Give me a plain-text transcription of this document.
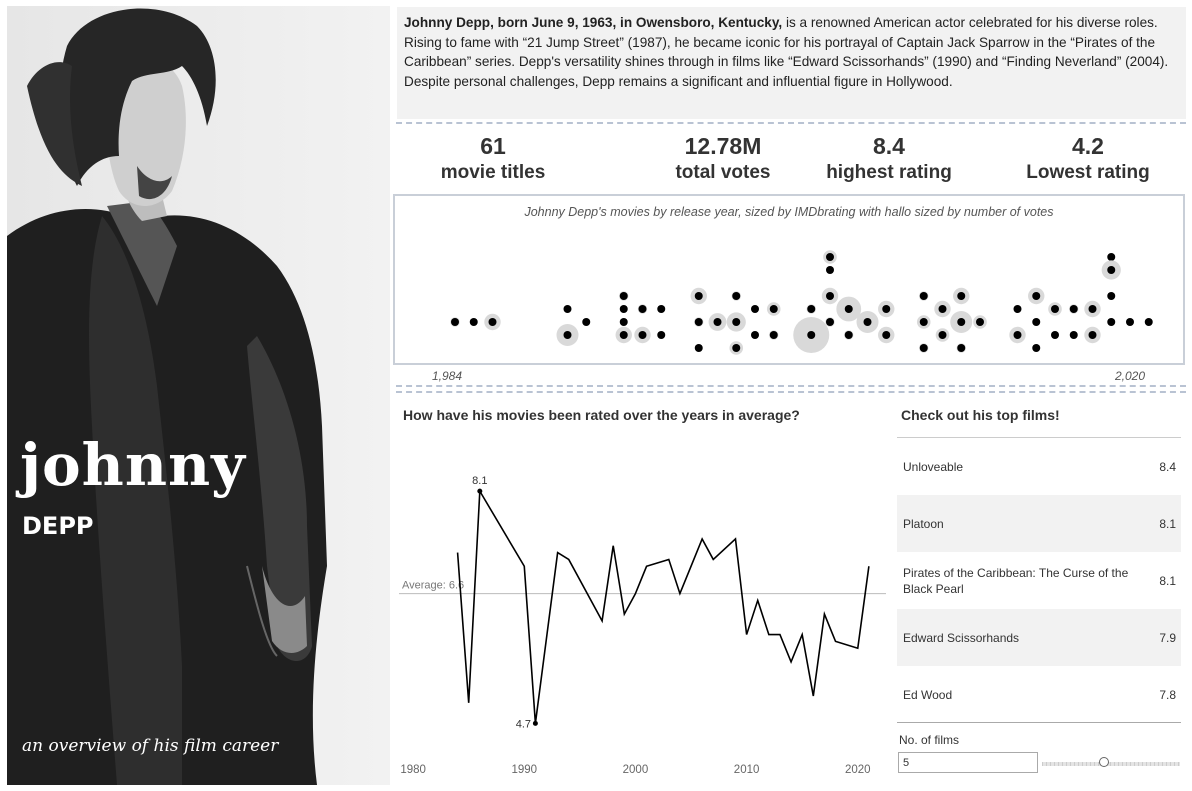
johnny
DEPP
an overview of his film career
Johnny Depp, born June 9, 1963, in Owensboro, Kentucky, is a renowned American actor celebrated for his diverse roles. Rising to fame with “21 Jump Street” (1987), he became iconic for his portrayal of Captain Jack Sparrow in the “Pirates of the Caribbean” series. Depp's versatility shines through in films like “Edward Scissorhands” (1990) and “Finding Neverland” (2004). Despite personal challenges, Depp remains a significant and influential figure in Hollywood.
61
movie titles
12.78M
total votes
8.4
highest rating
4.2
Lowest rating
Johnny Depp's movies by release year, sized by IMDbrating with hallo sized by number of votes
1,984	2,020
How have his movies been rated over the years in average?
Average: 6.6
8.1
4.7
1980	1990	2000	2010	2020
Check out his top films!
Unloveable	8.4
Platoon	8.1
Pirates of the Caribbean: The Curse of the Black Pearl
8.1
Edward Scissorhands	7.9
Ed Wood	7.8
No. of films
5
